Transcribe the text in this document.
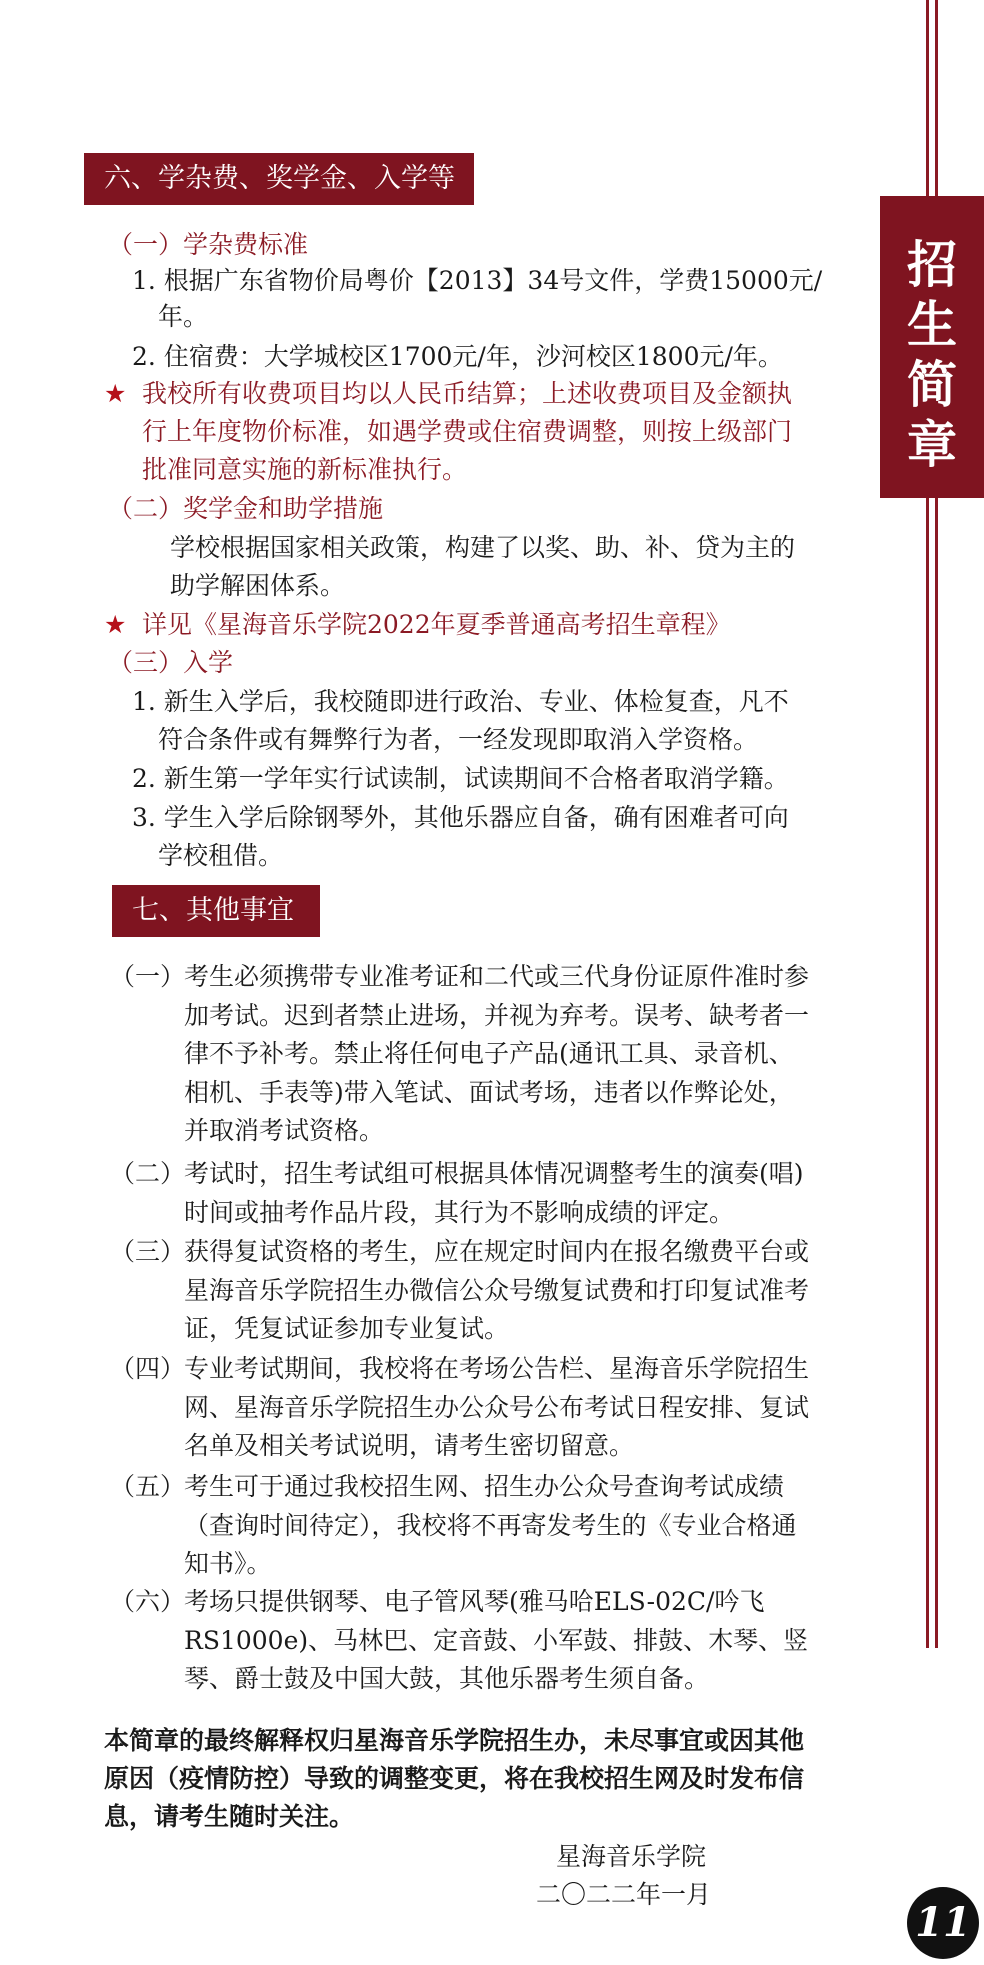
招
生
简
章
六、学杂费、奖学金、入学等
（一）学杂费标准
1. 根据广东省物价局粤价【2013】34号文件，学费15000元/
年。
2. 住宿费：大学城校区1700元/年，沙河校区1800元/年。
★ 我校所有收费项目均以人民币结算；上述收费项目及金额执
行上年度物价标准，如遇学费或住宿费调整，则按上级部门
批准同意实施的新标准执行。
（二）奖学金和助学措施
学校根据国家相关政策，构建了以奖、助、补、贷为主的
助学解困体系。
★ 详见《星海音乐学院2022年夏季普通高考招生章程》
（三）入学
1. 新生入学后，我校随即进行政治、专业、体检复查，凡不
符合条件或有舞弊行为者，一经发现即取消入学资格。
2. 新生第一学年实行试读制，试读期间不合格者取消学籍。
3. 学生入学后除钢琴外，其他乐器应自备，确有困难者可向
学校租借。
七、其他事宜
（一）
考生必须携带专业准考证和二代或三代身份证原件准时参
加考试。迟到者禁止进场，并视为弃考。误考、缺考者一
律不予补考。禁止将任何电子产品(通讯工具、录音机、
相机、手表等)带入笔试、面试考场，违者以作弊论处，
并取消考试资格。
（二）
考试时，招生考试组可根据具体情况调整考生的演奏(唱)
时间或抽考作品片段，其行为不影响成绩的评定。
（三）
获得复试资格的考生，应在规定时间内在报名缴费平台或
星海音乐学院招生办微信公众号缴复试费和打印复试准考
证，凭复试证参加专业复试。
（四）
专业考试期间，我校将在考场公告栏、星海音乐学院招生
网、星海音乐学院招生办公众号公布考试日程安排、复试
名单及相关考试说明，请考生密切留意。
（五）
考生可于通过我校招生网、招生办公众号查询考试成绩
（查询时间待定），我校将不再寄发考生的《专业合格通
知书》。
（六）
考场只提供钢琴、电子管风琴(雅马哈ELS-02C/吟飞
RS1000e)、马林巴、定音鼓、小军鼓、排鼓、木琴、竖
琴、爵士鼓及中国大鼓，其他乐器考生须自备。
本简章的最终解释权归星海音乐学院招生办，未尽事宜或因其他
原因（疫情防控）导致的调整变更，将在我校招生网及时发布信
息，请考生随时关注。
星海音乐学院
二〇二二年一月
11
